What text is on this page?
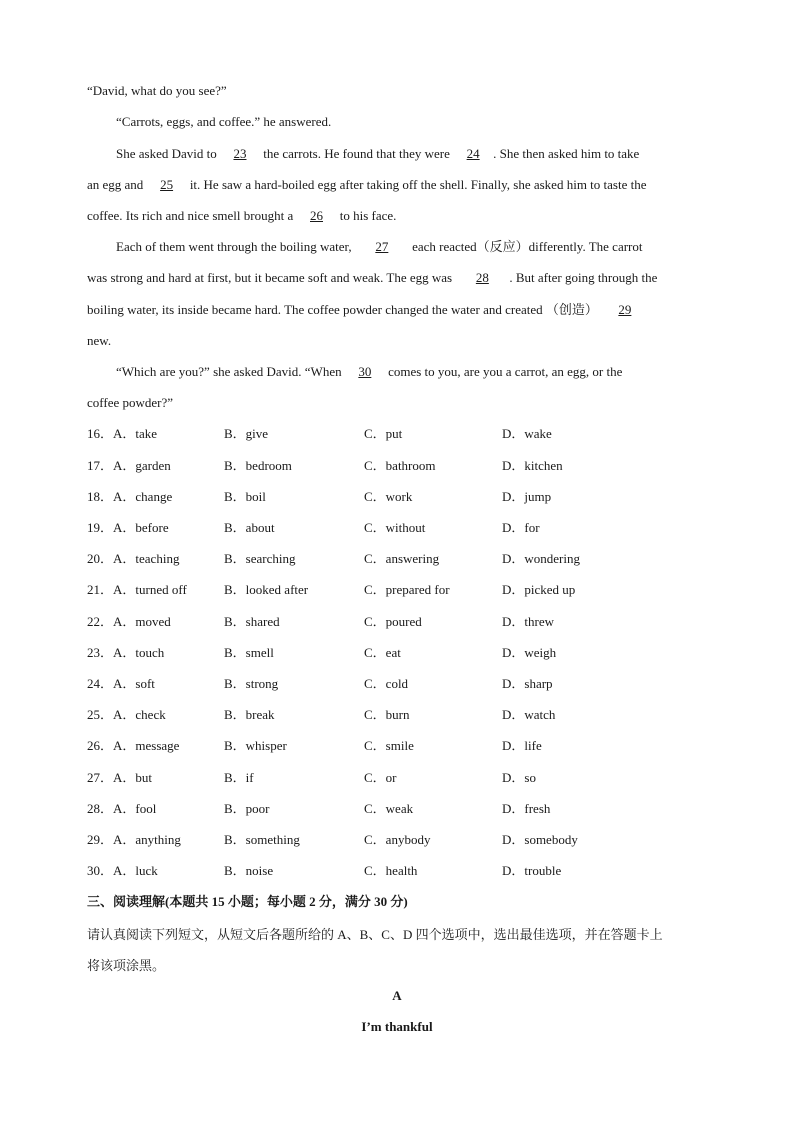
“David, what do you see?”
“Carrots, eggs, and coffee.” he answered.
She asked David to 23 the carrots. He found that they were 24 . She then asked him to take
an egg and 25 it. He saw a hard-boiled egg after taking off the shell. Finally, she asked him to taste the
coffee. Its rich and nice smell brought a 26 to his face.
Each of them went through the boiling water, 27 each reacted（反应）differently. The carrot
was strong and hard at first, but it became soft and weak. The egg was 28 . But after going through the
boiling water, its inside became hard. The coffee powder changed the water and created （创造） 29
new.
“Which are you?” she asked David. “When 30 comes to you, are you a carrot, an egg, or the
coffee powder?”
16．A．take	B．give	C．put	D．wake
17．A．garden	B．bedroom	C．bathroom	D．kitchen
18．A．change	B．boil	C．work	D．jump
19．A．before	B．about	C．without	D．for
20．A．teaching	B．searching	C．answering	D．wondering
21．A．turned off	B．looked after	C．prepared for	D．picked up
22．A．moved	B．shared	C．poured	D．threw
23．A．touch	B．smell	C．eat	D．weigh
24．A．soft	B．strong	C．cold	D．sharp
25．A．check	B．break	C．burn	D．watch
26．A．message	B．whisper	C．smile	D．life
27．A．but	B．if	C．or	D．so
28．A．fool	B．poor	C．weak	D．fresh
29．A．anything	B．something	C．anybody	D．somebody
30．A．luck	B．noise	C．health	D．trouble
三、阅读理解(本题共 15 小题；每小题 2 分，满分 30 分)
请认真阅读下列短文，从短文后各题所给的 A、B、C、D 四个选项中，选出最佳选项，并在答题卡上
将该项涂黑。
A
I’m thankful
